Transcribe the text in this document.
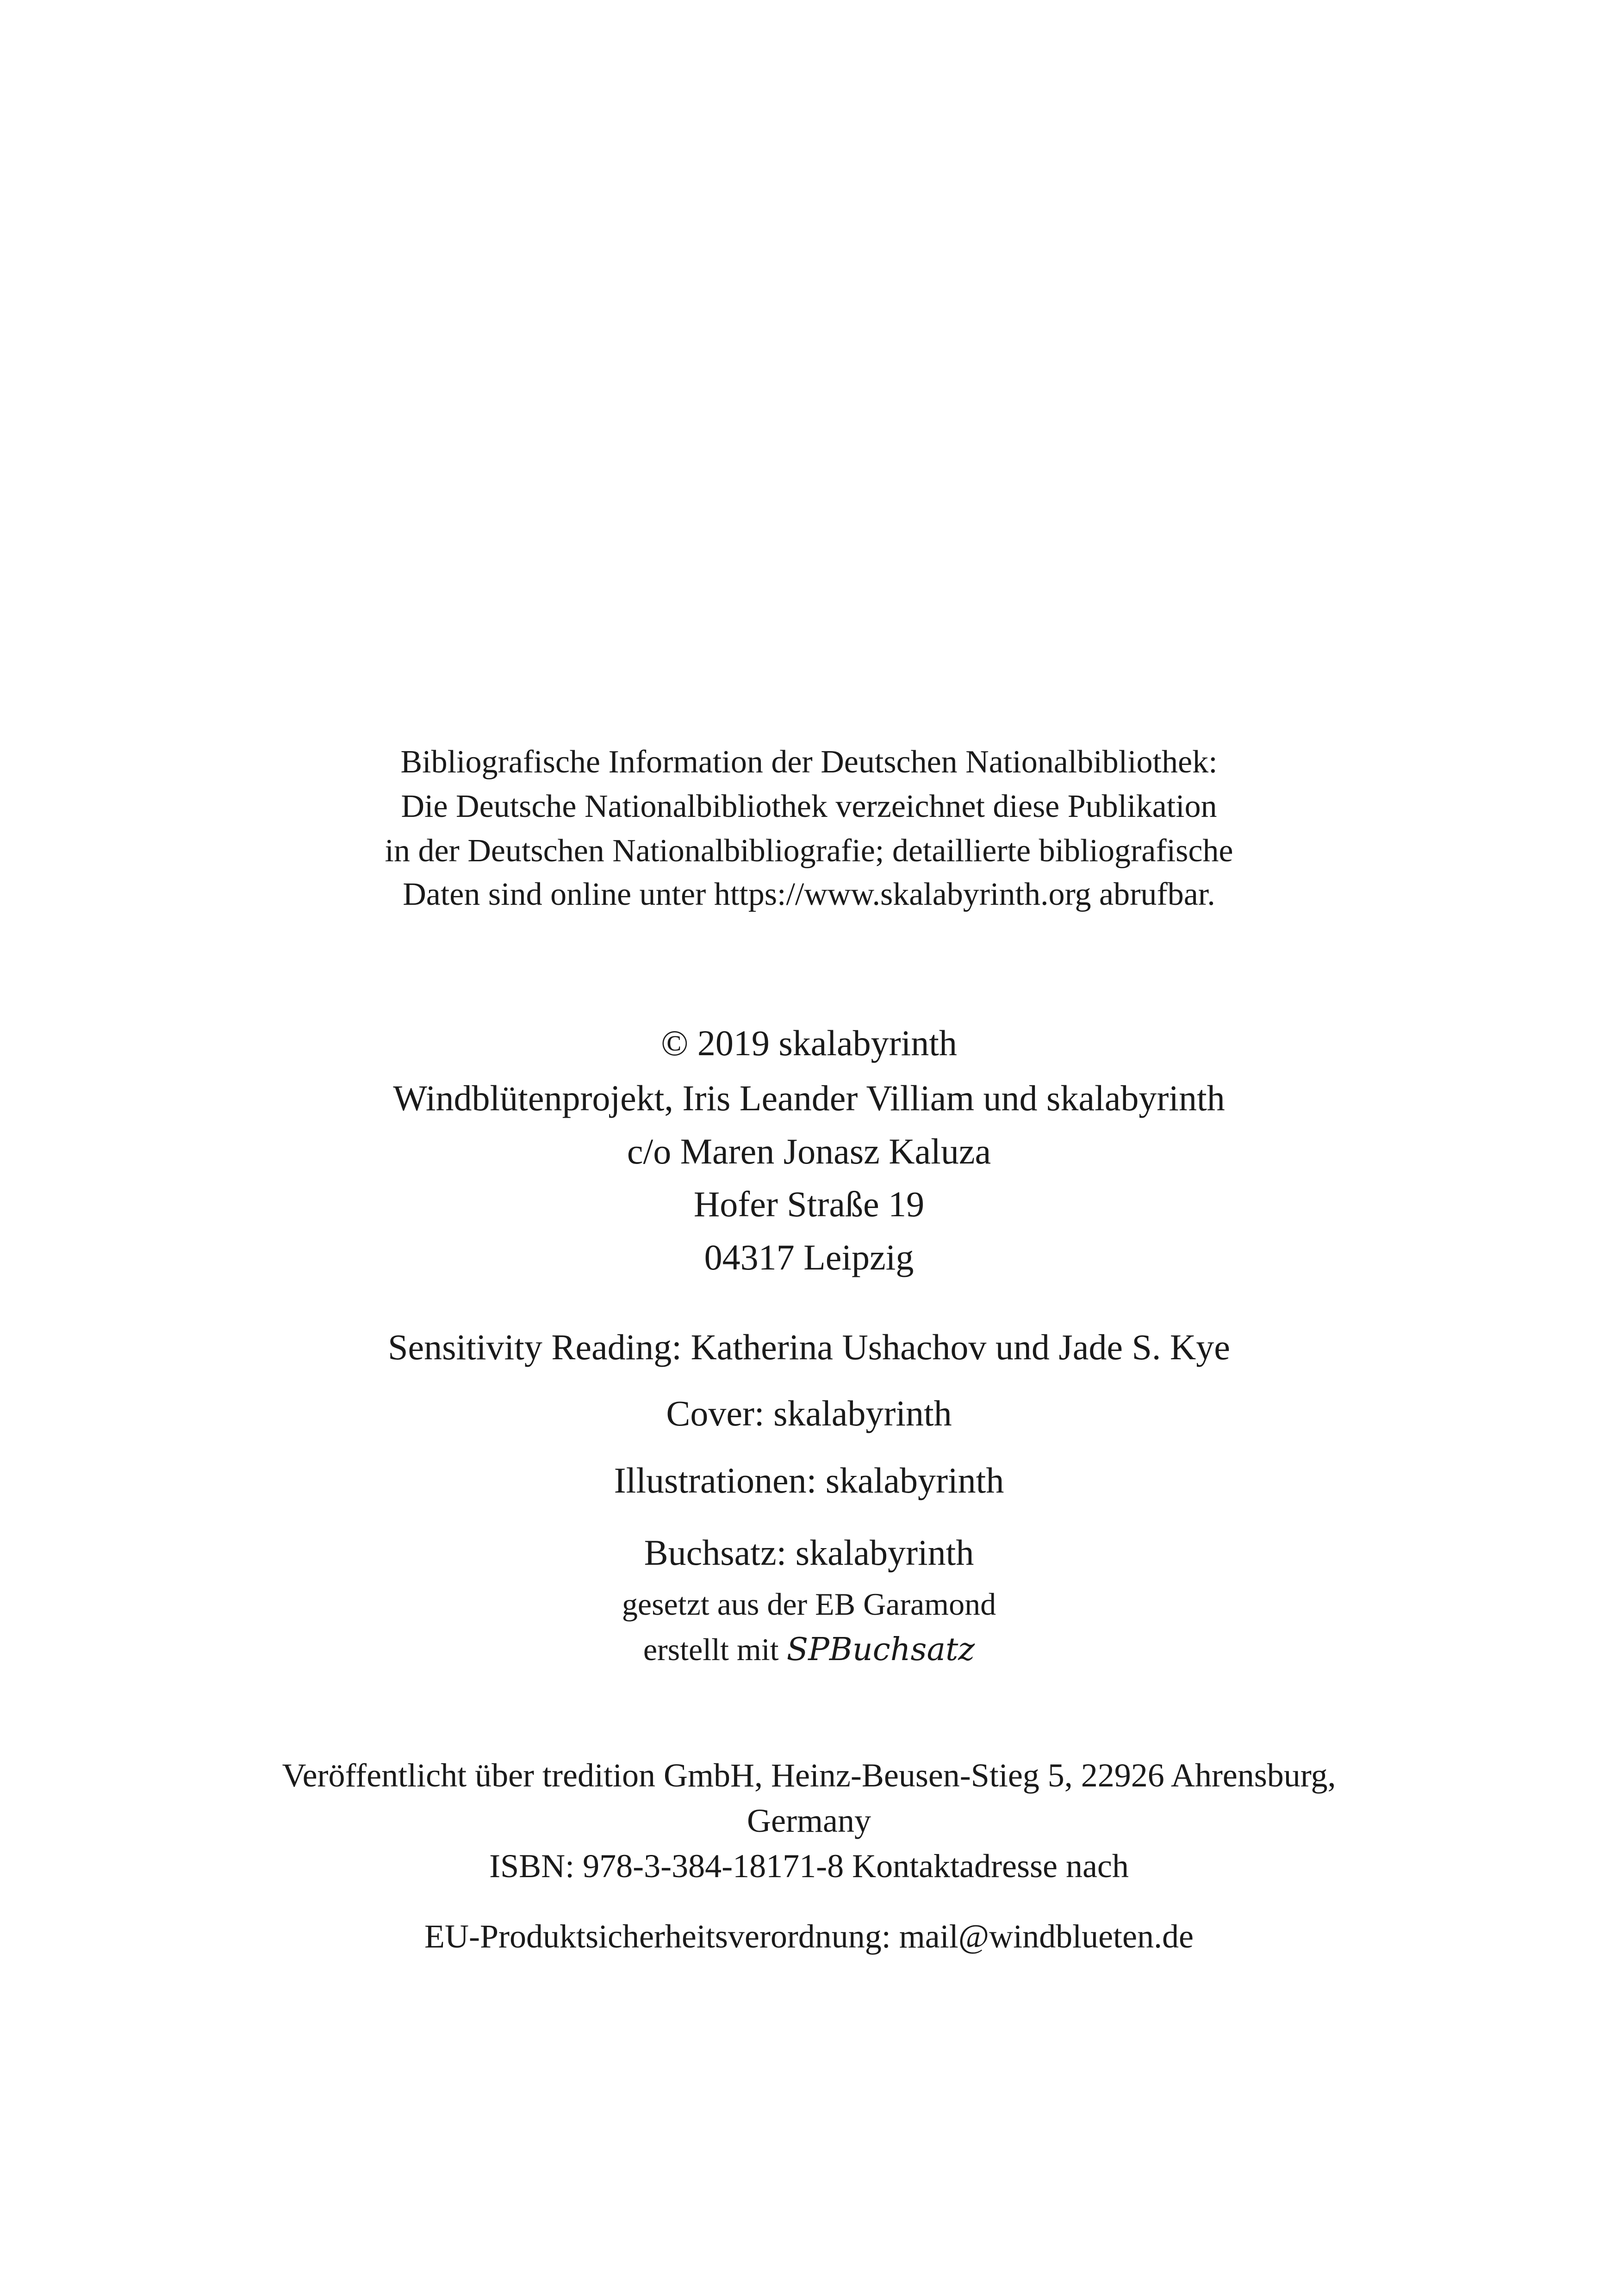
Bibliografische Information der Deutschen Nationalbibliothek:
Die Deutsche Nationalbibliothek verzeichnet diese Publikation
in der Deutschen Nationalbibliografie; detaillierte bibliografische
Daten sind online unter https://www.skalabyrinth.org abrufbar.
© 2019 skalabyrinth
Windblütenprojekt, Iris Leander Villiam und skalabyrinth
c/o Maren Jonasz Kaluza
Hofer Straße 19
04317 Leipzig
Sensitivity Reading: Katherina Ushachov und Jade S. Kye
Cover: skalabyrinth
Illustrationen: skalabyrinth
Buchsatz: skalabyrinth
gesetzt aus der EB Garamond
erstellt mit SPBuchsatz
Veröffentlicht über tredition GmbH, Heinz-Beusen-Stieg 5, 22926 Ahrensburg,
Germany
ISBN: 978-3-384-18171-8 Kontaktadresse nach
EU-Produktsicherheitsverordnung: mail@windblueten.de
